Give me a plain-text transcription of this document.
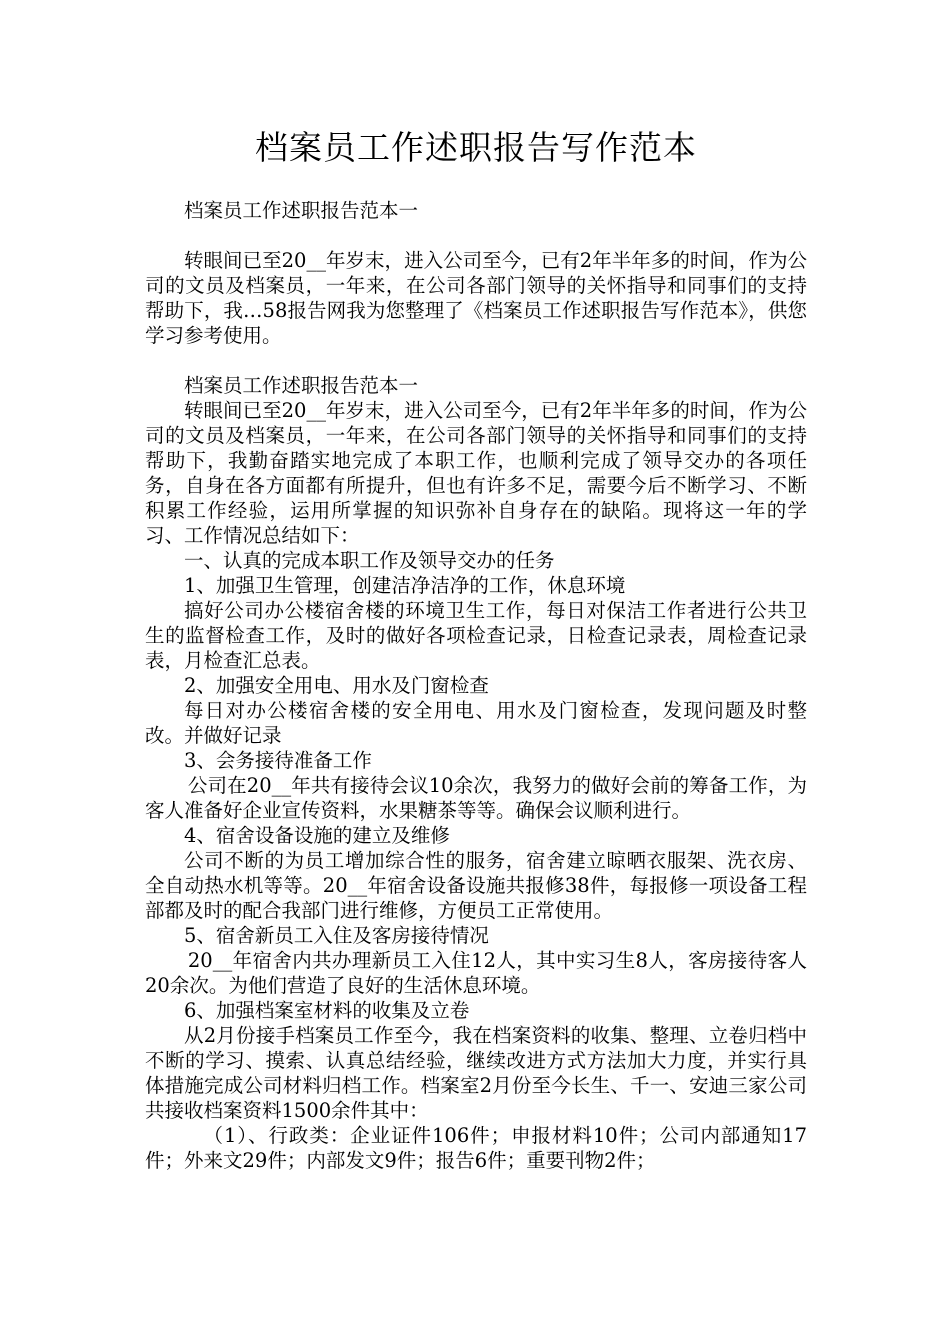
档案员工作述职报告写作范本

档案员工作述职报告范本一

转眼间已至20__年岁末，进入公司至今，已有2年半年多的时间，作为公司的文员及档案员，一年来，在公司各部门领导的关怀指导和同事们的支持帮助下，我…58报告网我为您整理了《档案员工作述职报告写作范本》，供您学习参考使用。

档案员工作述职报告范本一

转眼间已至20__年岁末，进入公司至今，已有2年半年多的时间，作为公司的文员及档案员，一年来，在公司各部门领导的关怀指导和同事们的支持帮助下，我勤奋踏实地完成了本职工作，也顺利完成了领导交办的各项任务，自身在各方面都有所提升，但也有许多不足，需要今后不断学习、不断积累工作经验，运用所掌握的知识弥补自身存在的缺陷。现将这一年的学习、工作情况总结如下：

一、认真的完成本职工作及领导交办的任务

1、加强卫生管理，创建洁净洁净的工作，休息环境

搞好公司办公楼宿舍楼的环境卫生工作，每日对保洁工作者进行公共卫生的监督检查工作，及时的做好各项检查记录，日检查记录表，周检查记录表，月检查汇总表。

2、加强安全用电、用水及门窗检查

每日对办公楼宿舍楼的安全用电、用水及门窗检查，发现问题及时整改。并做好记录

3、会务接待准备工作

公司在20__年共有接待会议10余次，我努力的做好会前的筹备工作，为客人准备好企业宣传资料，水果糖茶等等。确保会议顺利进行。

4、宿舍设备设施的建立及维修

公司不断的为员工增加综合性的服务，宿舍建立晾晒衣服架、洗衣房、全自动热水机等等。20__年宿舍设备设施共报修38件，每报修一项设备工程部都及时的配合我部门进行维修，方便员工正常使用。

5、宿舍新员工入住及客房接待情况

20__年宿舍内共办理新员工入住12人，其中实习生8人，客房接待客人20余次。为他们营造了良好的生活休息环境。

6、加强档案室材料的收集及立卷

从2月份接手档案员工作至今，我在档案资料的收集、整理、立卷归档中不断的学习、摸索、认真总结经验，继续改进方式方法加大力度，并实行具体措施完成公司材料归档工作。档案室2月份至今长生、千一、安迪三家公司共接收档案资料1500余件其中：

（1）、行政类：企业证件106件；申报材料10件；公司内部通知17件；外来文29件；内部发文9件；报告6件；重要刊物2件；
